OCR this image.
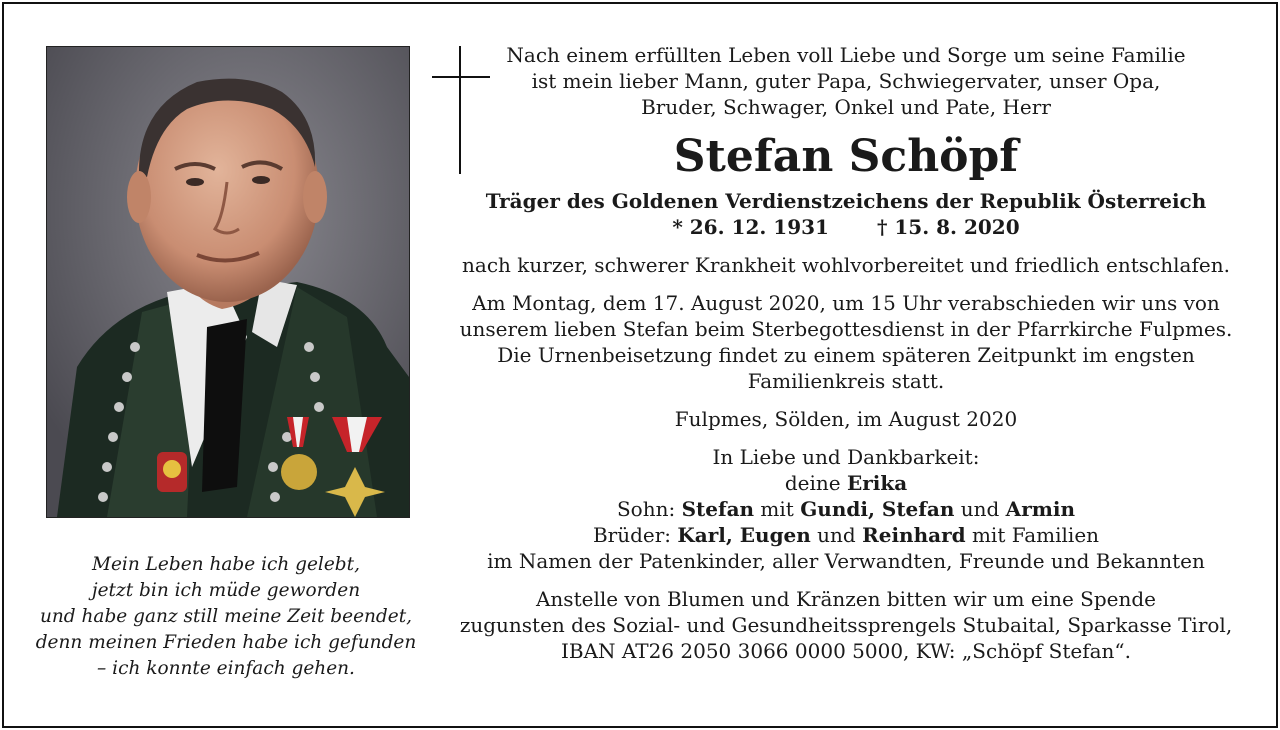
Mein Leben habe ich gelebt,
jetzt bin ich müde geworden
und habe ganz still meine Zeit beendet,
denn meinen Frieden habe ich gefunden
– ich konnte einfach gehen.
Nach einem erfüllten Leben voll Liebe und Sorge um seine Familie
ist mein lieber Mann, guter Papa, Schwiegervater, unser Opa,
Bruder, Schwager, Onkel und Pate, Herr
Stefan Schöpf
Träger des Goldenen Verdienstzeichens der Republik Österreich
* 26. 12. 1931 † 15. 8. 2020
nach kurzer, schwerer Krankheit wohlvorbereitet und friedlich entschlafen.
Am Montag, dem 17. August 2020, um 15 Uhr verabschieden wir uns von
unserem lieben Stefan beim Sterbegottesdienst in der Pfarrkirche Fulpmes.
Die Urnenbeisetzung findet zu einem späteren Zeitpunkt im engsten
Familienkreis statt.
Fulpmes, Sölden, im August 2020
In Liebe und Dankbarkeit:
deine Erika
Sohn: Stefan mit Gundi, Stefan und Armin
Brüder: Karl, Eugen und Reinhard mit Familien
im Namen der Patenkinder, aller Verwandten, Freunde und Bekannten
Anstelle von Blumen und Kränzen bitten wir um eine Spende
zugunsten des Sozial- und Gesundheitssprengels Stubaital, Sparkasse Tirol,
IBAN AT26 2050 3066 0000 5000, KW: „Schöpf Stefan“.
